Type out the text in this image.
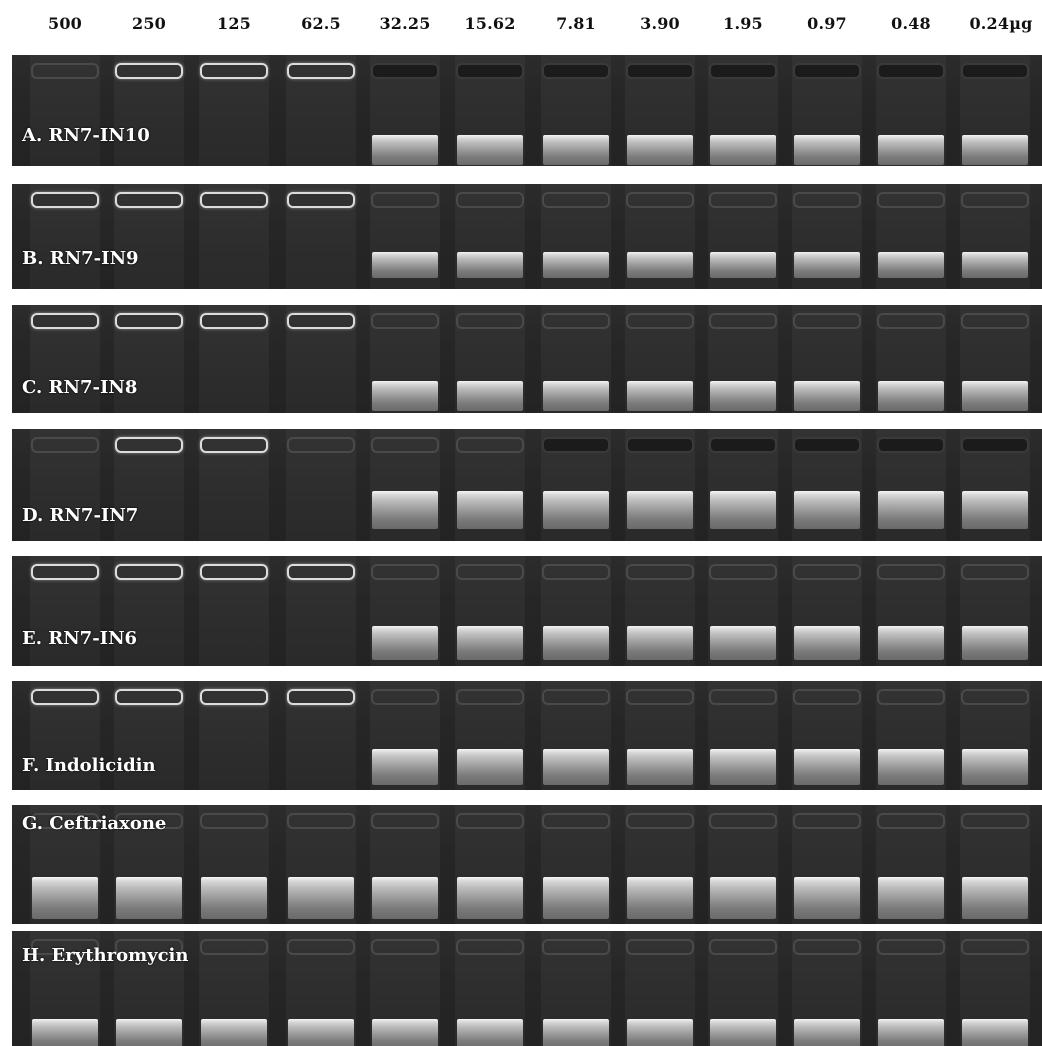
500	250	125	62.5	32.25	15.62	7.81	3.90	1.95	0.97	0.48	0.24µg
A. RN7-IN10
B. RN7-IN9
C. RN7-IN8
D. RN7-IN7
E. RN7-IN6
F. Indolicidin
G. Ceftriaxone
H. Erythromycin
